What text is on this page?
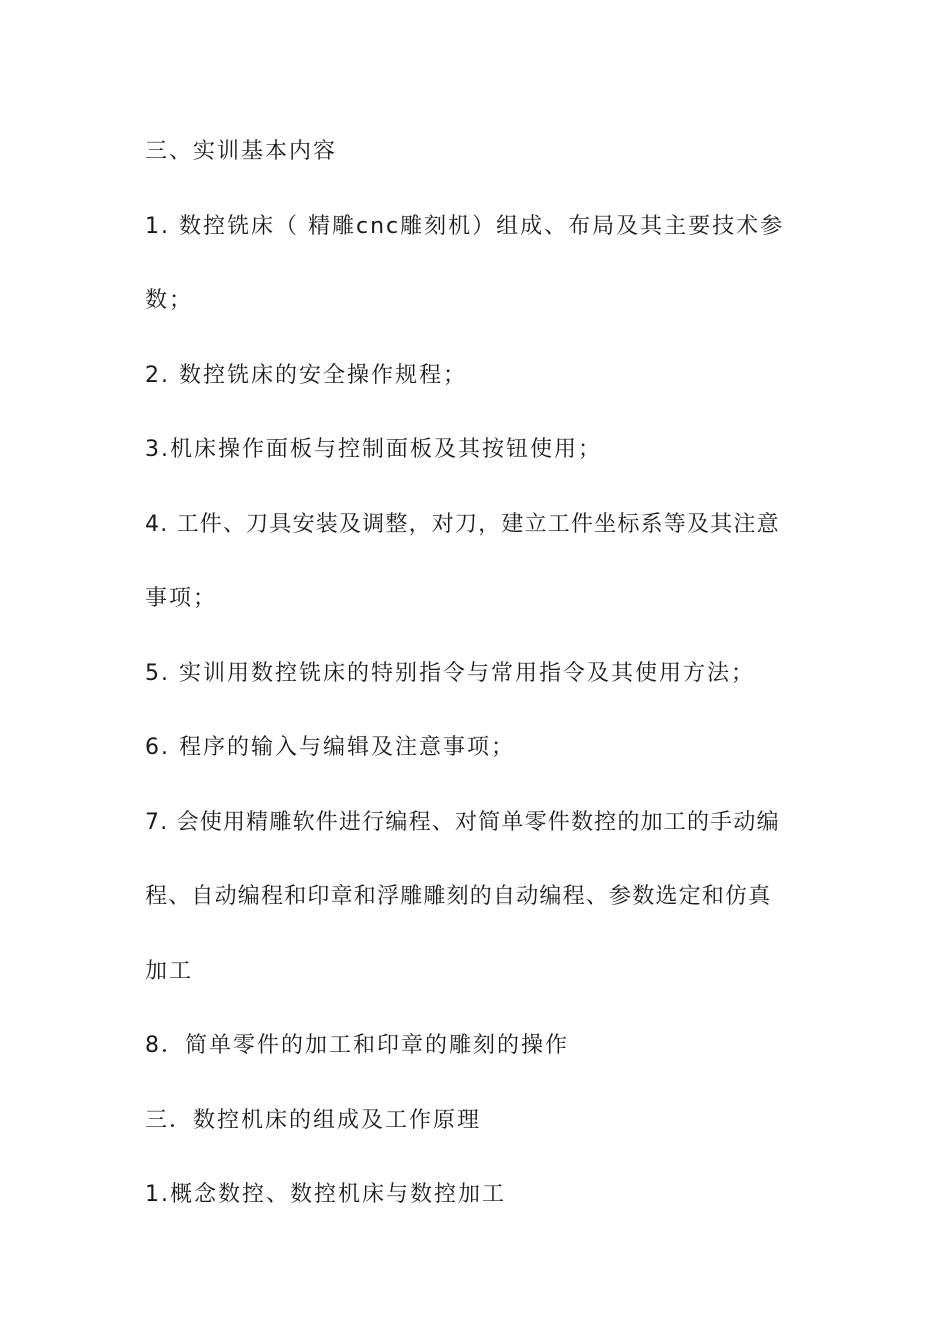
三、实训基本内容
1. 数控铣床（ 精雕cnc雕刻机）组成、布局及其主要技术参
数；
2. 数控铣床的安全操作规程；
3.机床操作面板与控制面板及其按钮使用；
4. 工件、刀具安装及调整，对刀，建立工件坐标系等及其注意
事项；
5. 实训用数控铣床的特别指令与常用指令及其使用方法；
6. 程序的输入与编辑及注意事项；
7. 会使用精雕软件进行编程、对简单零件数控的加工的手动编
程、自动编程和印章和浮雕雕刻的自动编程、参数选定和仿真
加工
8．简单零件的加工和印章的雕刻的操作
三．数控机床的组成及工作原理
1.概念数控、数控机床与数控加工
